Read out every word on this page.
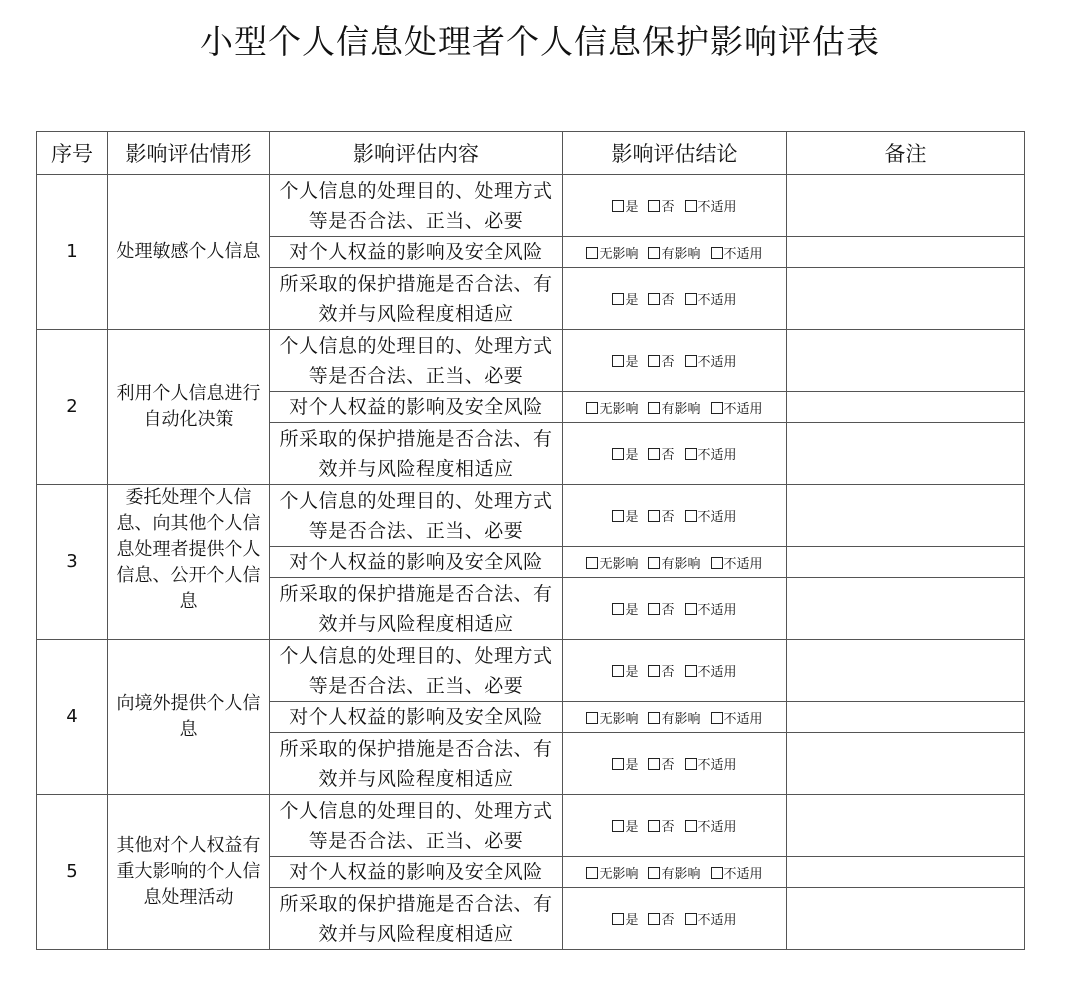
小型个人信息处理者个人信息保护影响评估表
序号	影响评估情形	影响评估内容	影响评估结论	备注

1	处理敏感个人信息	个人信息的处理目的、处理方式等是否合法、正当、必要	是 否 不适用	
		对个人权益的影响及安全风险	无影响 有影响 不适用	
		所采取的保护措施是否合法、有效并与风险程度相适应	是 否 不适用	

2	利用个人信息进行自动化决策	个人信息的处理目的、处理方式等是否合法、正当、必要	是 否 不适用	
		对个人权益的影响及安全风险	无影响 有影响 不适用	
		所采取的保护措施是否合法、有效并与风险程度相适应	是 否 不适用	

3	委托处理个人信息、向其他个人信息处理者提供个人信息、公开个人信息	个人信息的处理目的、处理方式等是否合法、正当、必要	是 否 不适用	
		对个人权益的影响及安全风险	无影响 有影响 不适用	
		所采取的保护措施是否合法、有效并与风险程度相适应	是 否 不适用	

4	向境外提供个人信息	个人信息的处理目的、处理方式等是否合法、正当、必要	是 否 不适用	
		对个人权益的影响及安全风险	无影响 有影响 不适用	
		所采取的保护措施是否合法、有效并与风险程度相适应	是 否 不适用	

5	其他对个人权益有重大影响的个人信息处理活动	个人信息的处理目的、处理方式等是否合法、正当、必要	是 否 不适用	
		对个人权益的影响及安全风险	无影响 有影响 不适用	
		所采取的保护措施是否合法、有效并与风险程度相适应	是 否 不适用	
